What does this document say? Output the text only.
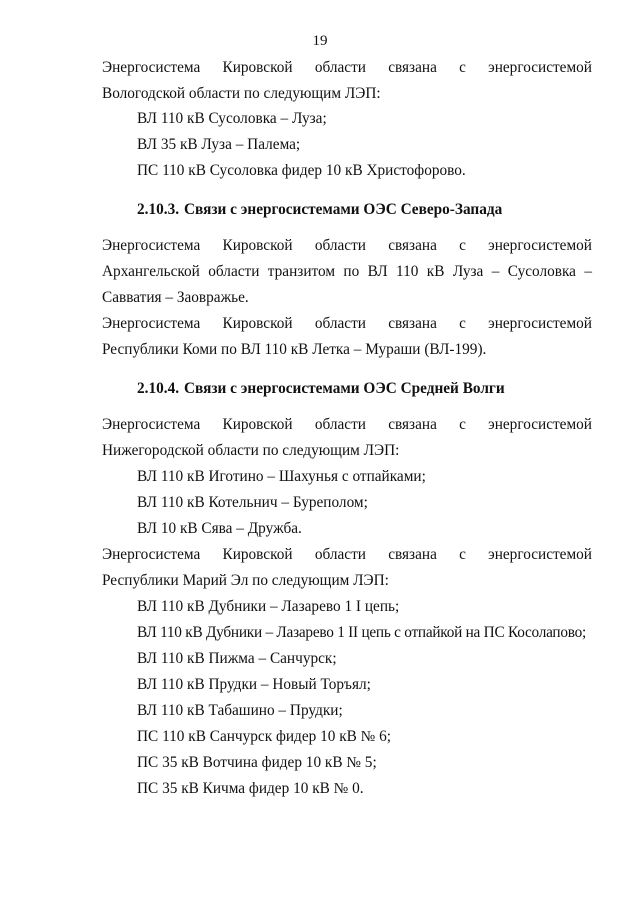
19
Энергосистема Кировской области связана с энергосистемой
Вологодской области по следующим ЛЭП:
ВЛ 110 кВ Сусоловка – Луза;
ВЛ 35 кВ Луза – Палема;
ПС 110 кВ Сусоловка фидер 10 кВ Христофорово.
2.10.3. Связи с энергосистемами ОЭС Северо-Запада
Энергосистема Кировской области связана с энергосистемой
Архангельской области транзитом по ВЛ 110 кВ Луза – Сусоловка –
Савватия – Заовражье.
Энергосистема Кировской области связана с энергосистемой
Республики Коми по ВЛ 110 кВ Летка – Мураши (ВЛ-199).
2.10.4. Связи с энергосистемами ОЭС Средней Волги
Энергосистема Кировской области связана с энергосистемой
Нижегородской области по следующим ЛЭП:
ВЛ 110 кВ Иготино – Шахунья с отпайками;
ВЛ 110 кВ Котельнич – Буреполом;
ВЛ 10 кВ Сява – Дружба.
Энергосистема Кировской области связана с энергосистемой
Республики Марий Эл по следующим ЛЭП:
ВЛ 110 кВ Дубники – Лазарево 1 I цепь;
ВЛ 110 кВ Дубники – Лазарево 1 II цепь с отпайкой на ПС Косолапово;
ВЛ 110 кВ Пижма – Санчурск;
ВЛ 110 кВ Прудки – Новый Торъял;
ВЛ 110 кВ Табашино – Прудки;
ПС 110 кВ Санчурск фидер 10 кВ № 6;
ПС 35 кВ Вотчина фидер 10 кВ № 5;
ПС 35 кВ Кичма фидер 10 кВ № 0.
